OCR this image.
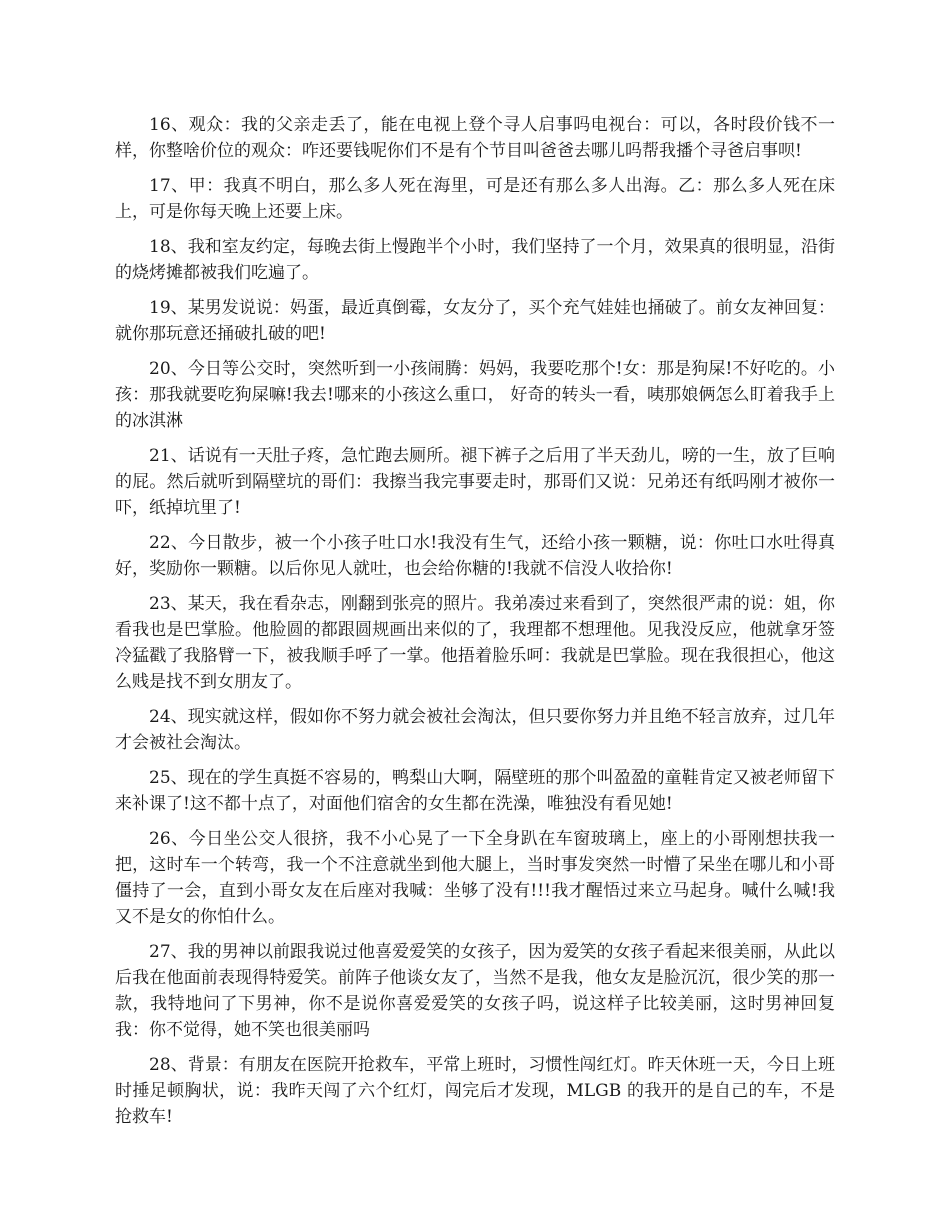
16、观众：我的父亲走丢了，能在电视上登个寻人启事吗电视台：可以，各时段价钱不一样，你整啥价位的观众：咋还要钱呢你们不是有个节目叫爸爸去哪儿吗帮我播个寻爸启事呗!

17、甲：我真不明白，那么多人死在海里，可是还有那么多人出海。乙：那么多人死在床上，可是你每天晚上还要上床。

18、我和室友约定，每晚去街上慢跑半个小时，我们坚持了一个月，效果真的很明显，沿街的烧烤摊都被我们吃遍了。

19、某男发说说：妈蛋，最近真倒霉，女友分了，买个充气娃娃也捅破了。前女友神回复：就你那玩意还捅破扎破的吧!

20、今日等公交时，突然听到一小孩闹腾：妈妈，我要吃那个!女：那是狗屎!不好吃的。小孩：那我就要吃狗屎嘛!我去!哪来的小孩这么重口， 好奇的转头一看，咦那娘俩怎么盯着我手上的冰淇淋

21、话说有一天肚子疼，急忙跑去厕所。褪下裤子之后用了半天劲儿，嗙的一生，放了巨响的屁。然后就听到隔壁坑的哥们：我擦当我完事要走时，那哥们又说：兄弟还有纸吗刚才被你一吓，纸掉坑里了!

22、今日散步，被一个小孩子吐口水!我没有生气，还给小孩一颗糖，说：你吐口水吐得真好，奖励你一颗糖。以后你见人就吐，也会给你糖的!我就不信没人收拾你!

23、某天，我在看杂志，刚翻到张亮的照片。我弟凑过来看到了，突然很严肃的说：姐，你看我也是巴掌脸。他脸圆的都跟圆规画出来似的了，我理都不想理他。见我没反应，他就拿牙签冷猛戳了我胳臂一下，被我顺手呼了一掌。他捂着脸乐呵：我就是巴掌脸。现在我很担心，他这么贱是找不到女朋友了。

24、现实就这样，假如你不努力就会被社会淘汰，但只要你努力并且绝不轻言放弃，过几年才会被社会淘汰。

25、现在的学生真挺不容易的，鸭梨山大啊，隔壁班的那个叫盈盈的童鞋肯定又被老师留下来补课了!这不都十点了，对面他们宿舍的女生都在洗澡，唯独没有看见她!

26、今日坐公交人很挤，我不小心晃了一下全身趴在车窗玻璃上，座上的小哥刚想扶我一把，这时车一个转弯，我一个不注意就坐到他大腿上，当时事发突然一时懵了呆坐在哪儿和小哥僵持了一会，直到小哥女友在后座对我喊：坐够了没有!!!我才醒悟过来立马起身。喊什么喊!我又不是女的你怕什么。

27、我的男神以前跟我说过他喜爱爱笑的女孩子，因为爱笑的女孩子看起来很美丽，从此以后我在他面前表现得特爱笑。前阵子他谈女友了，当然不是我，他女友是脸沉沉，很少笑的那一款，我特地问了下男神，你不是说你喜爱爱笑的女孩子吗，说这样子比较美丽，这时男神回复我：你不觉得，她不笑也很美丽吗

28、背景：有朋友在医院开抢救车，平常上班时，习惯性闯红灯。昨天休班一天，今日上班时捶足顿胸状，说：我昨天闯了六个红灯，闯完后才发现，MLGB 的我开的是自己的车，不是抢救车!
